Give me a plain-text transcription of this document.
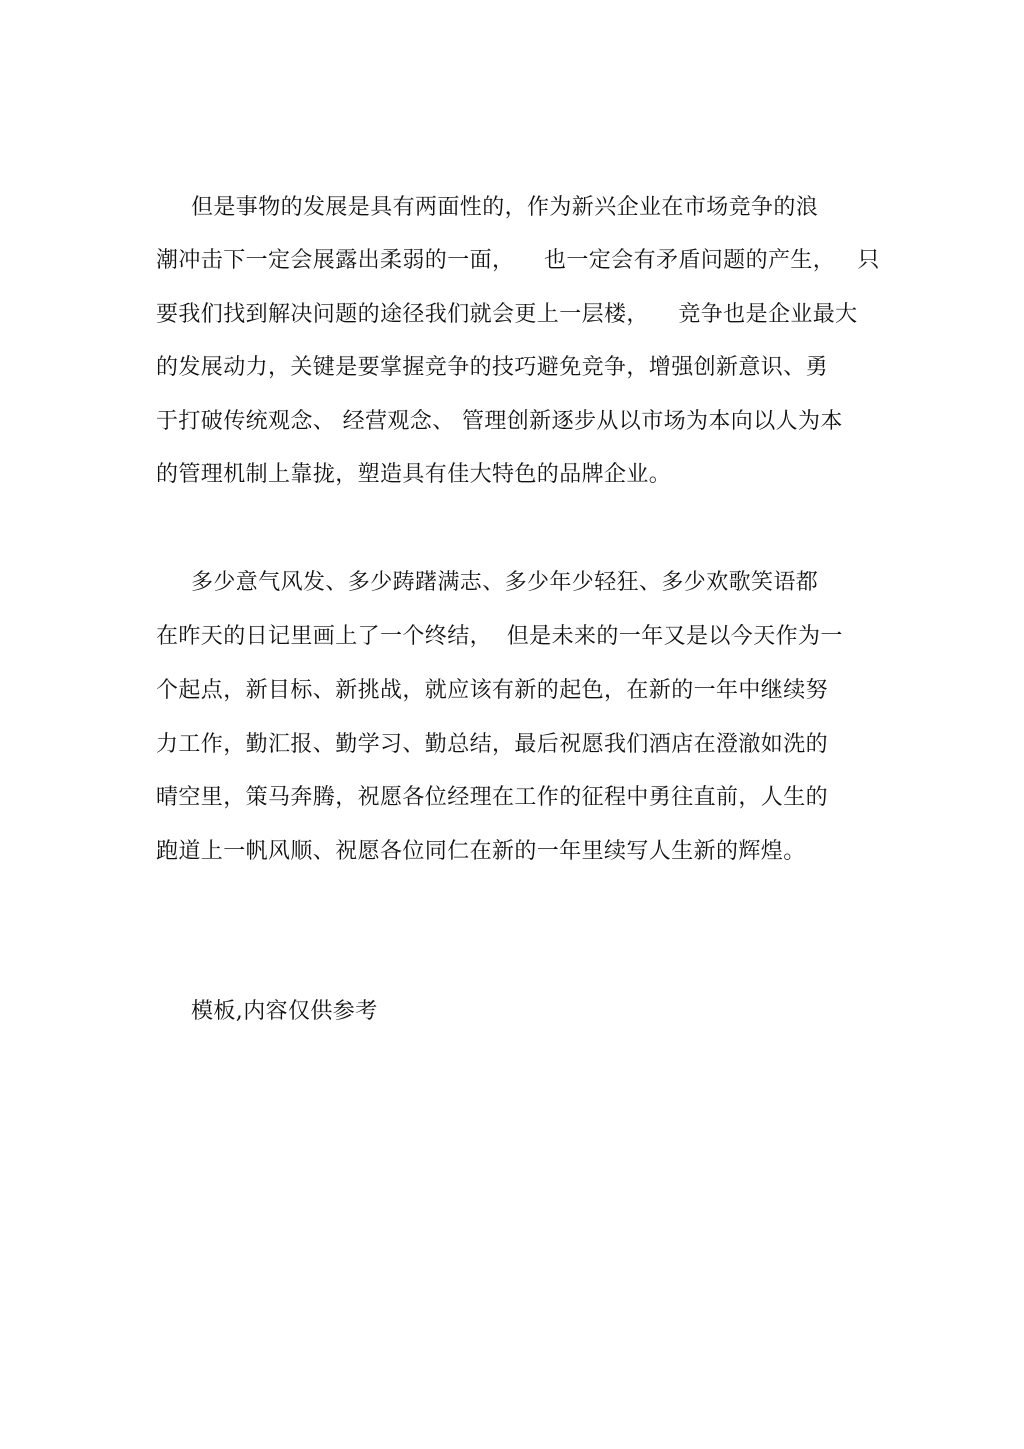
但是事物的发展是具有两面性的，作为新兴企业在市场竞争的浪
潮冲击下一定会展露出柔弱的一面，    也一定会有矛盾问题的产生，   只
要我们找到解决问题的途径我们就会更上一层楼，    竞争也是企业最大
的发展动力，关键是要掌握竞争的技巧避免竞争，增强创新意识、勇
于打破传统观念、 经营观念、 管理创新逐步从以市场为本向以人为本
的管理机制上靠拢，塑造具有佳大特色的品牌企业。
多少意气风发、多少踌躇满志、多少年少轻狂、多少欢歌笑语都
在昨天的日记里画上了一个终结，  但是未来的一年又是以今天作为一
个起点，新目标、新挑战，就应该有新的起色，在新的一年中继续努
力工作，勤汇报、勤学习、勤总结，最后祝愿我们酒店在澄澈如洗的
晴空里，策马奔腾，祝愿各位经理在工作的征程中勇往直前，人生的
跑道上一帆风顺、祝愿各位同仁在新的一年里续写人生新的辉煌。
模板,内容仅供参考
